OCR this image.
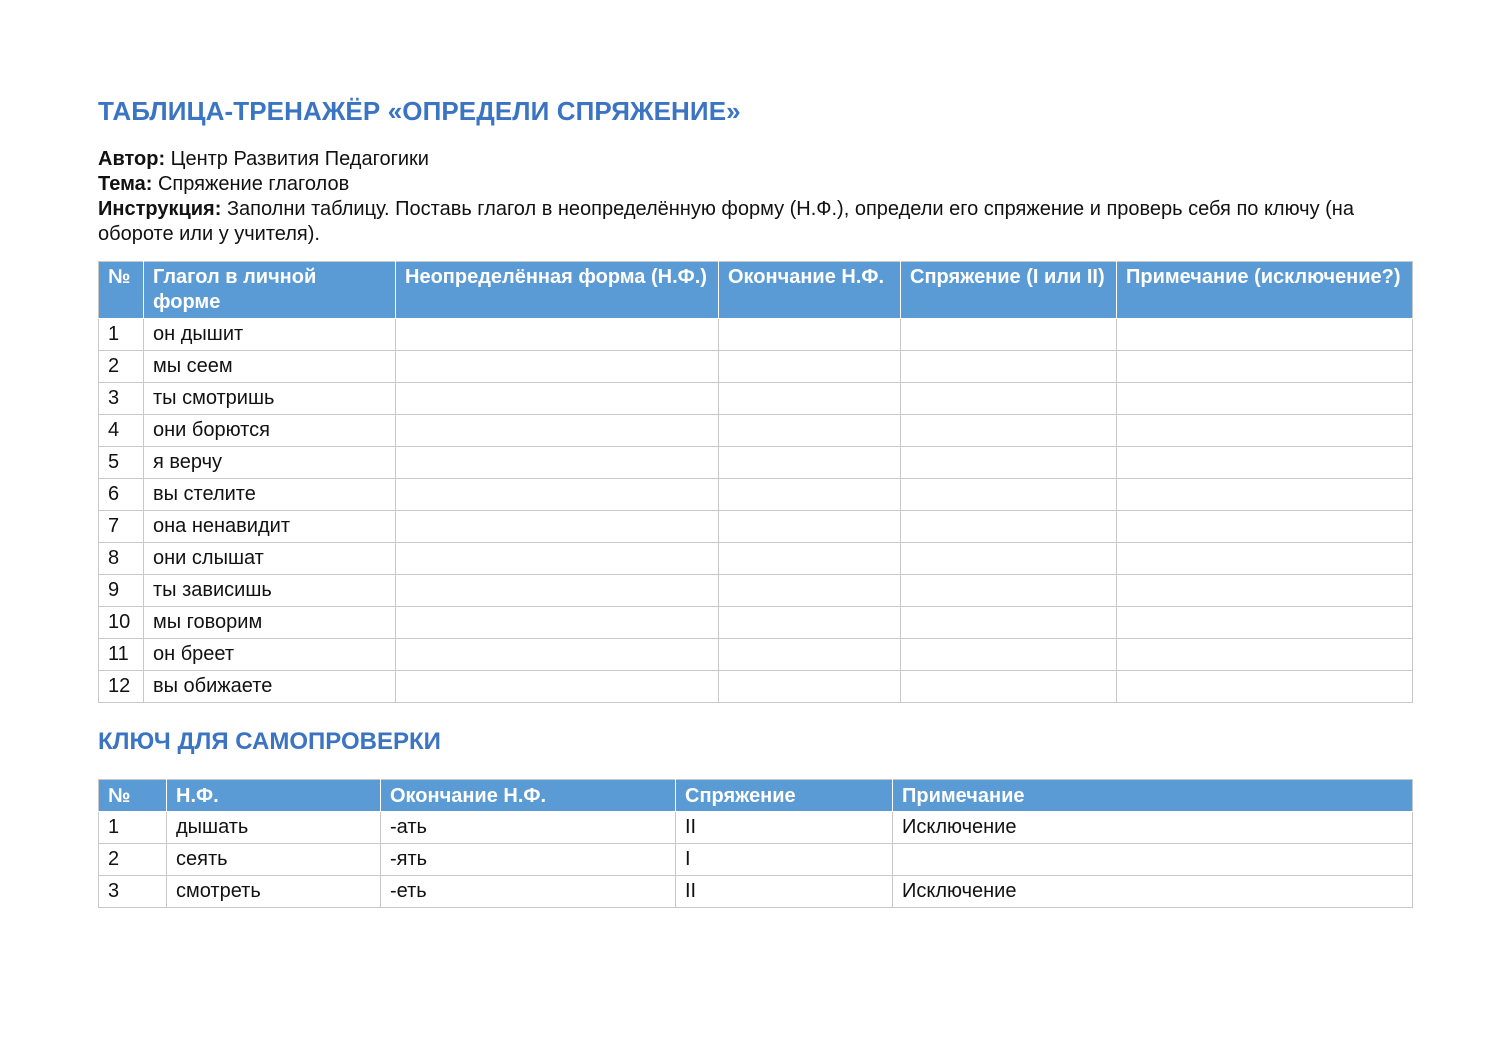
ТАБЛИЦА-ТРЕНАЖЁР «ОПРЕДЕЛИ СПРЯЖЕНИЕ»
Автор: Центр Развития Педагогики
Тема: Спряжение глаголов
Инструкция: Заполни таблицу. Поставь глагол в неопределённую форму (Н.Ф.), определи его спряжение и проверь себя по ключу (на обороте или у учителя).
№	Глагол в личной форме	Неопределённая форма (Н.Ф.)	Окончание Н.Ф.	Спряжение (I или II)	Примечание (исключение?)
1	он дышит				
2	мы сеем				
3	ты смотришь				
4	они борются				
5	я верчу				
6	вы стелите				
7	она ненавидит				
8	они слышат				
9	ты зависишь				
10	мы говорим				
11	он бреет				
12	вы обижаете				
КЛЮЧ ДЛЯ САМОПРОВЕРКИ
№	Н.Ф.	Окончание Н.Ф.	Спряжение	Примечание
1	дышать	-ать	II	Исключение
2	сеять	-ять	I	
3	смотреть	-еть	II	Исключение
